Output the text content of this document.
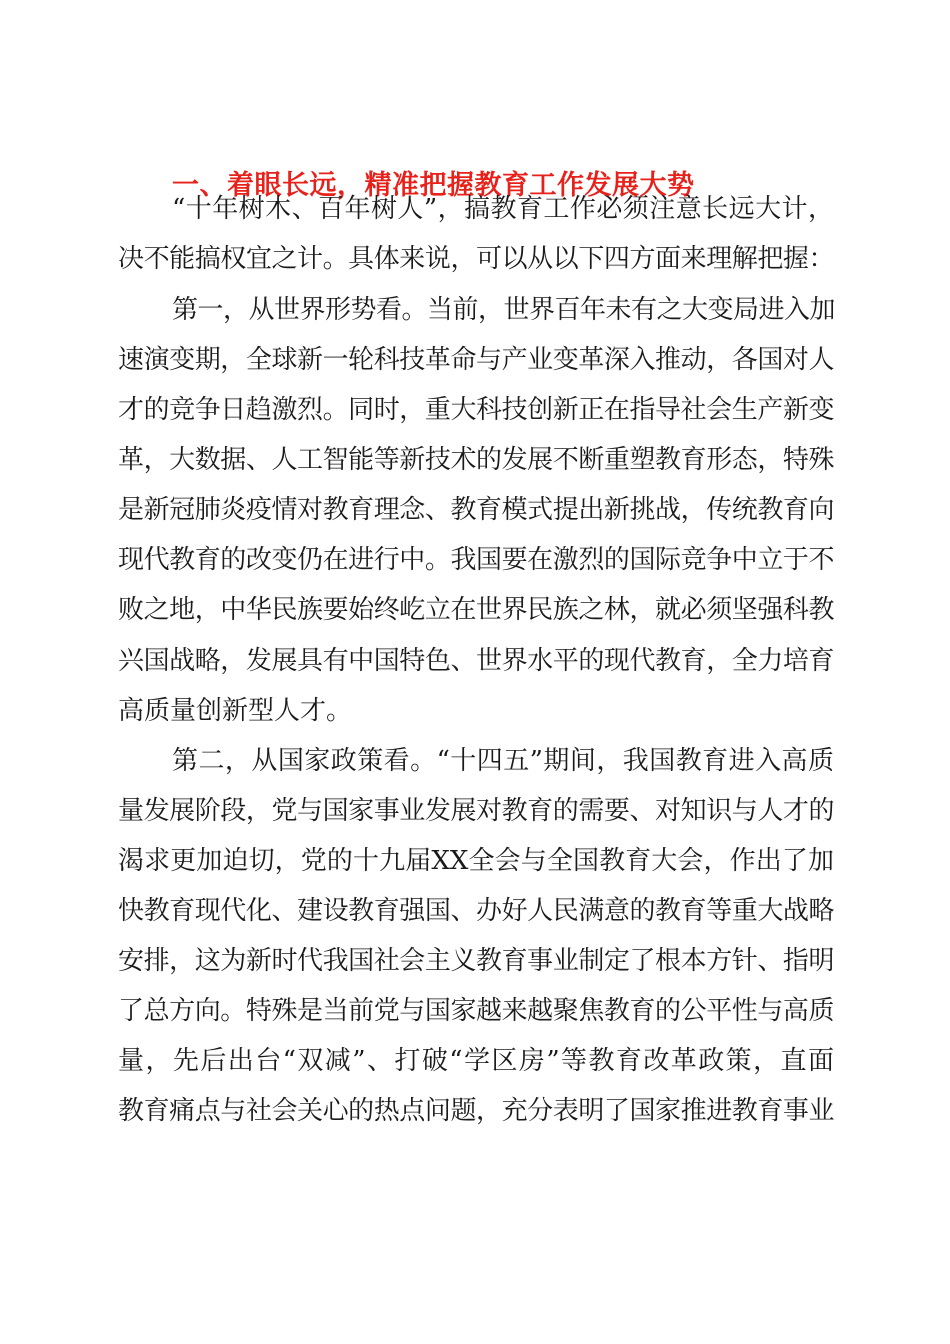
一、着眼长远，精准把握教育工作发展大势
“十年树木、百年树人”，搞教育工作必须注意长远大计，
决不能搞权宜之计。具体来说，可以从以下四方面来理解把握：
第一，从世界形势看。当前，世界百年未有之大变局进入加
速演变期，全球新一轮科技革命与产业变革深入推动，各国对人
才的竞争日趋激烈。同时，重大科技创新正在指导社会生产新变
革，大数据、人工智能等新技术的发展不断重塑教育形态，特殊
是新冠肺炎疫情对教育理念、教育模式提出新挑战，传统教育向
现代教育的改变仍在进行中。我国要在激烈的国际竞争中立于不
败之地，中华民族要始终屹立在世界民族之林，就必须坚强科教
兴国战略，发展具有中国特色、世界水平的现代教育，全力培育
高质量创新型人才。
第二，从国家政策看。“十四五”期间，我国教育进入高质
量发展阶段，党与国家事业发展对教育的需要、对知识与人才的
渴求更加迫切，党的十九届XX全会与全国教育大会，作出了加
快教育现代化、建设教育强国、办好人民满意的教育等重大战略
安排，这为新时代我国社会主义教育事业制定了根本方针、指明
了总方向。特殊是当前党与国家越来越聚焦教育的公平性与高质
量，先后出台“双减”、打破“学区房”等教育改革政策，直面
教育痛点与社会关心的热点问题，充分表明了国家推进教育事业
